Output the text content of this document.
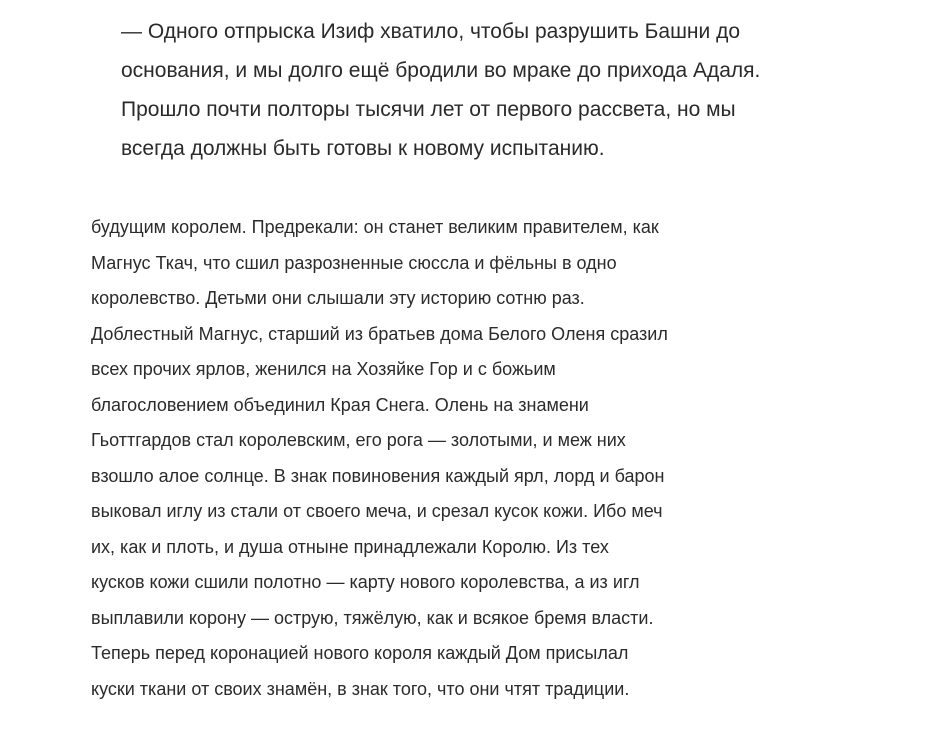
— Одного отпрыска Изиф хватило, чтобы разрушить Башни до
основания, и мы долго ещё бродили во мраке до прихода Адаля.
Прошло почти полторы тысячи лет от первого рассвета, но мы
всегда должны быть готовы к новому испытанию.
будущим королем. Предрекали: он станет великим правителем, как
Магнус Ткач, что сшил разрозненные сюссла и фёльны в одно
королевство. Детьми они слышали эту историю сотню раз.
Доблестный Магнус, старший из братьев дома Белого Оленя сразил
всех прочих ярлов, женился на Хозяйке Гор и с божьим
благословением объединил Края Снега. Олень на знамени
Гьоттгардов стал королевским, его рога — золотыми, и меж них
взошло алое солнце. В знак повиновения каждый ярл, лорд и барон
выковал иглу из стали от своего меча, и срезал кусок кожи. Ибо меч
их, как и плоть, и душа отныне принадлежали Королю. Из тех
кусков кожи сшили полотно — карту нового королевства, а из игл
выплавили корону — острую, тяжёлую, как и всякое бремя власти.
Теперь перед коронацией нового короля каждый Дом присылал
куски ткани от своих знамён, в знак того, что они чтят традиции.
